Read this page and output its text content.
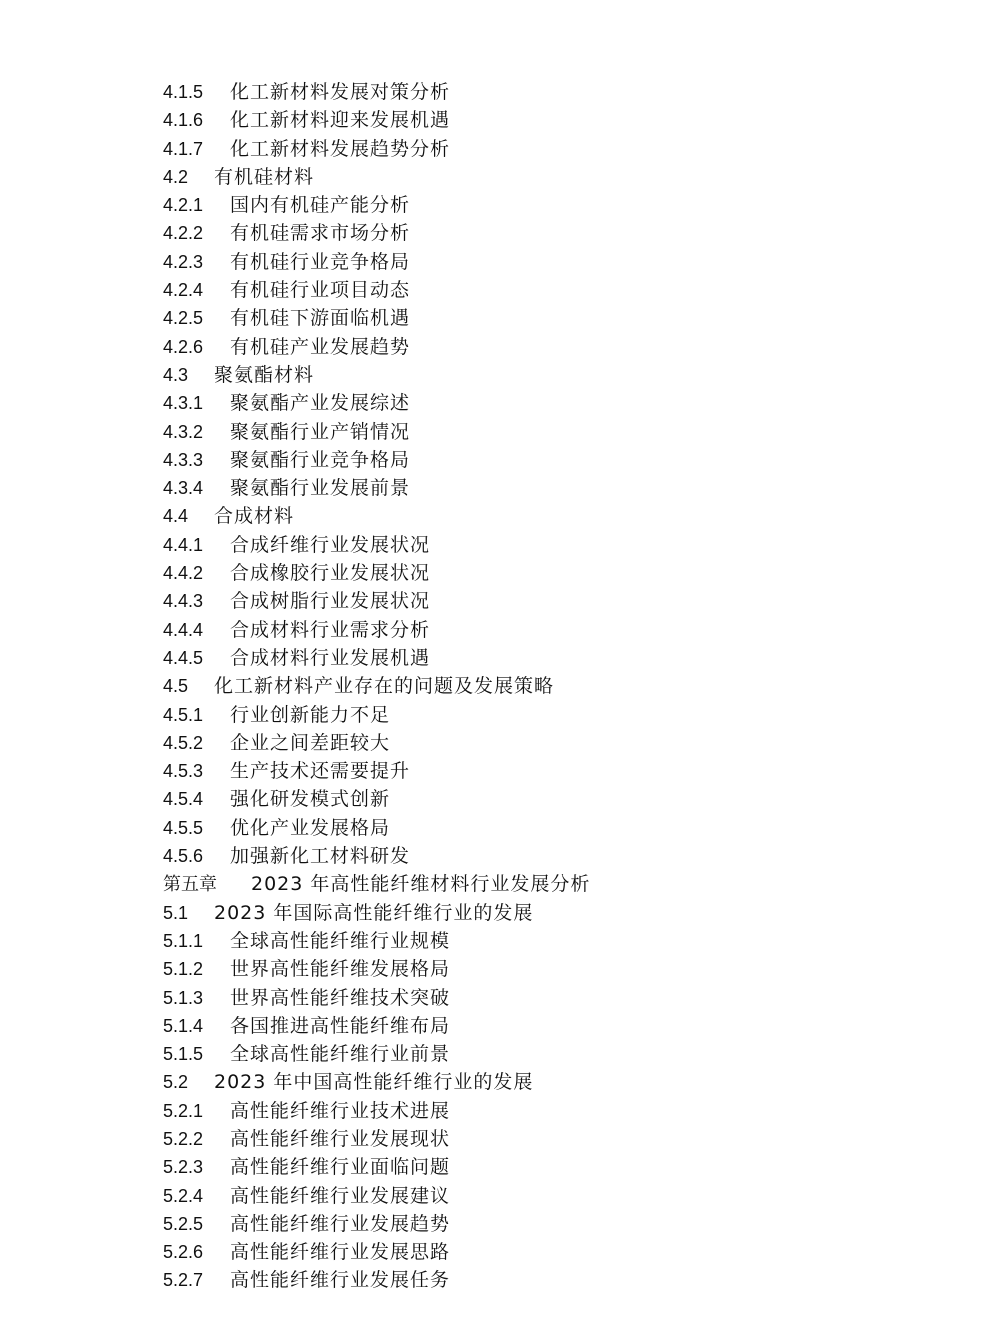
4.1.5 化工新材料发展对策分析
4.1.6 化工新材料迎来发展机遇
4.1.7 化工新材料发展趋势分析
4.2 有机硅材料
4.2.1 国内有机硅产能分析
4.2.2 有机硅需求市场分析
4.2.3 有机硅行业竞争格局
4.2.4 有机硅行业项目动态
4.2.5 有机硅下游面临机遇
4.2.6 有机硅产业发展趋势
4.3 聚氨酯材料
4.3.1 聚氨酯产业发展综述
4.3.2 聚氨酯行业产销情况
4.3.3 聚氨酯行业竞争格局
4.3.4 聚氨酯行业发展前景
4.4 合成材料
4.4.1 合成纤维行业发展状况
4.4.2 合成橡胶行业发展状况
4.4.3 合成树脂行业发展状况
4.4.4 合成材料行业需求分析
4.4.5 合成材料行业发展机遇
4.5 化工新材料产业存在的问题及发展策略
4.5.1 行业创新能力不足
4.5.2 企业之间差距较大
4.5.3 生产技术还需要提升
4.5.4 强化研发模式创新
4.5.5 优化产业发展格局
4.5.6 加强新化工材料研发
第五章 2023 年高性能纤维材料行业发展分析
5.1 2023 年国际高性能纤维行业的发展
5.1.1 全球高性能纤维行业规模
5.1.2 世界高性能纤维发展格局
5.1.3 世界高性能纤维技术突破
5.1.4 各国推进高性能纤维布局
5.1.5 全球高性能纤维行业前景
5.2 2023 年中国高性能纤维行业的发展
5.2.1 高性能纤维行业技术进展
5.2.2 高性能纤维行业发展现状
5.2.3 高性能纤维行业面临问题
5.2.4 高性能纤维行业发展建议
5.2.5 高性能纤维行业发展趋势
5.2.6 高性能纤维行业发展思路
5.2.7 高性能纤维行业发展任务
